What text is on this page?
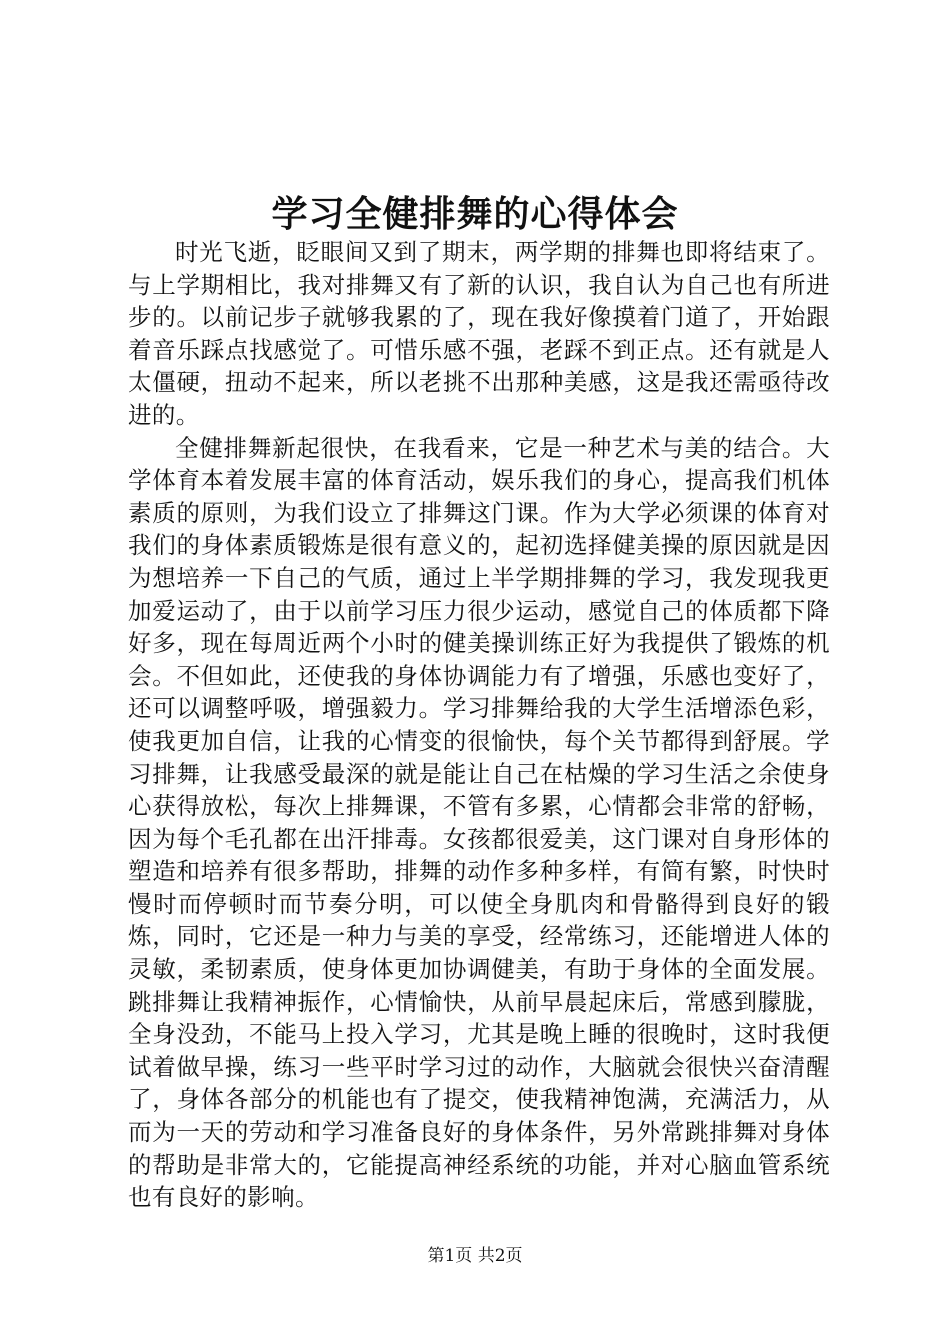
学习全健排舞的心得体会

时光飞逝，眨眼间又到了期末，两学期的排舞也即将结束了。与上学期相比，我对排舞又有了新的认识，我自认为自己也有所进步的。以前记步子就够我累的了，现在我好像摸着门道了，开始跟着音乐踩点找感觉了。可惜乐感不强，老踩不到正点。还有就是人太僵硬，扭动不起来，所以老挑不出那种美感，这是我还需亟待改进的。

全健排舞新起很快，在我看来，它是一种艺术与美的结合。大学体育本着发展丰富的体育活动，娱乐我们的身心，提高我们机体素质的原则，为我们设立了排舞这门课。作为大学必须课的体育对我们的身体素质锻炼是很有意义的，起初选择健美操的原因就是因为想培养一下自己的气质，通过上半学期排舞的学习，我发现我更加爱运动了，由于以前学习压力很少运动，感觉自己的体质都下降好多，现在每周近两个小时的健美操训练正好为我提供了锻炼的机会。不但如此，还使我的身体协调能力有了增强，乐感也变好了，还可以调整呼吸，增强毅力。学习排舞给我的大学生活增添色彩，使我更加自信，让我的心情变的很愉快，每个关节都得到舒展。学习排舞，让我感受最深的就是能让自己在枯燥的学习生活之余使身心获得放松，每次上排舞课，不管有多累，心情都会非常的舒畅，因为每个毛孔都在出汗排毒。女孩都很爱美，这门课对自身形体的塑造和培养有很多帮助，排舞的动作多种多样，有简有繁，时快时慢时而停顿时而节奏分明，可以使全身肌肉和骨骼得到良好的锻炼，同时，它还是一种力与美的享受，经常练习，还能增进人体的灵敏，柔韧素质，使身体更加协调健美，有助于身体的全面发展。跳排舞让我精神振作，心情愉快，从前早晨起床后，常感到朦胧，全身没劲，不能马上投入学习，尤其是晚上睡的很晚时，这时我便试着做早操，练习一些平时学习过的动作，大脑就会很快兴奋清醒了，身体各部分的机能也有了提交，使我精神饱满，充满活力，从而为一天的劳动和学习准备良好的身体条件，另外常跳排舞对身体的帮助是非常大的，它能提高神经系统的功能，并对心脑血管系统也有良好的影响。

第1页 共2页
